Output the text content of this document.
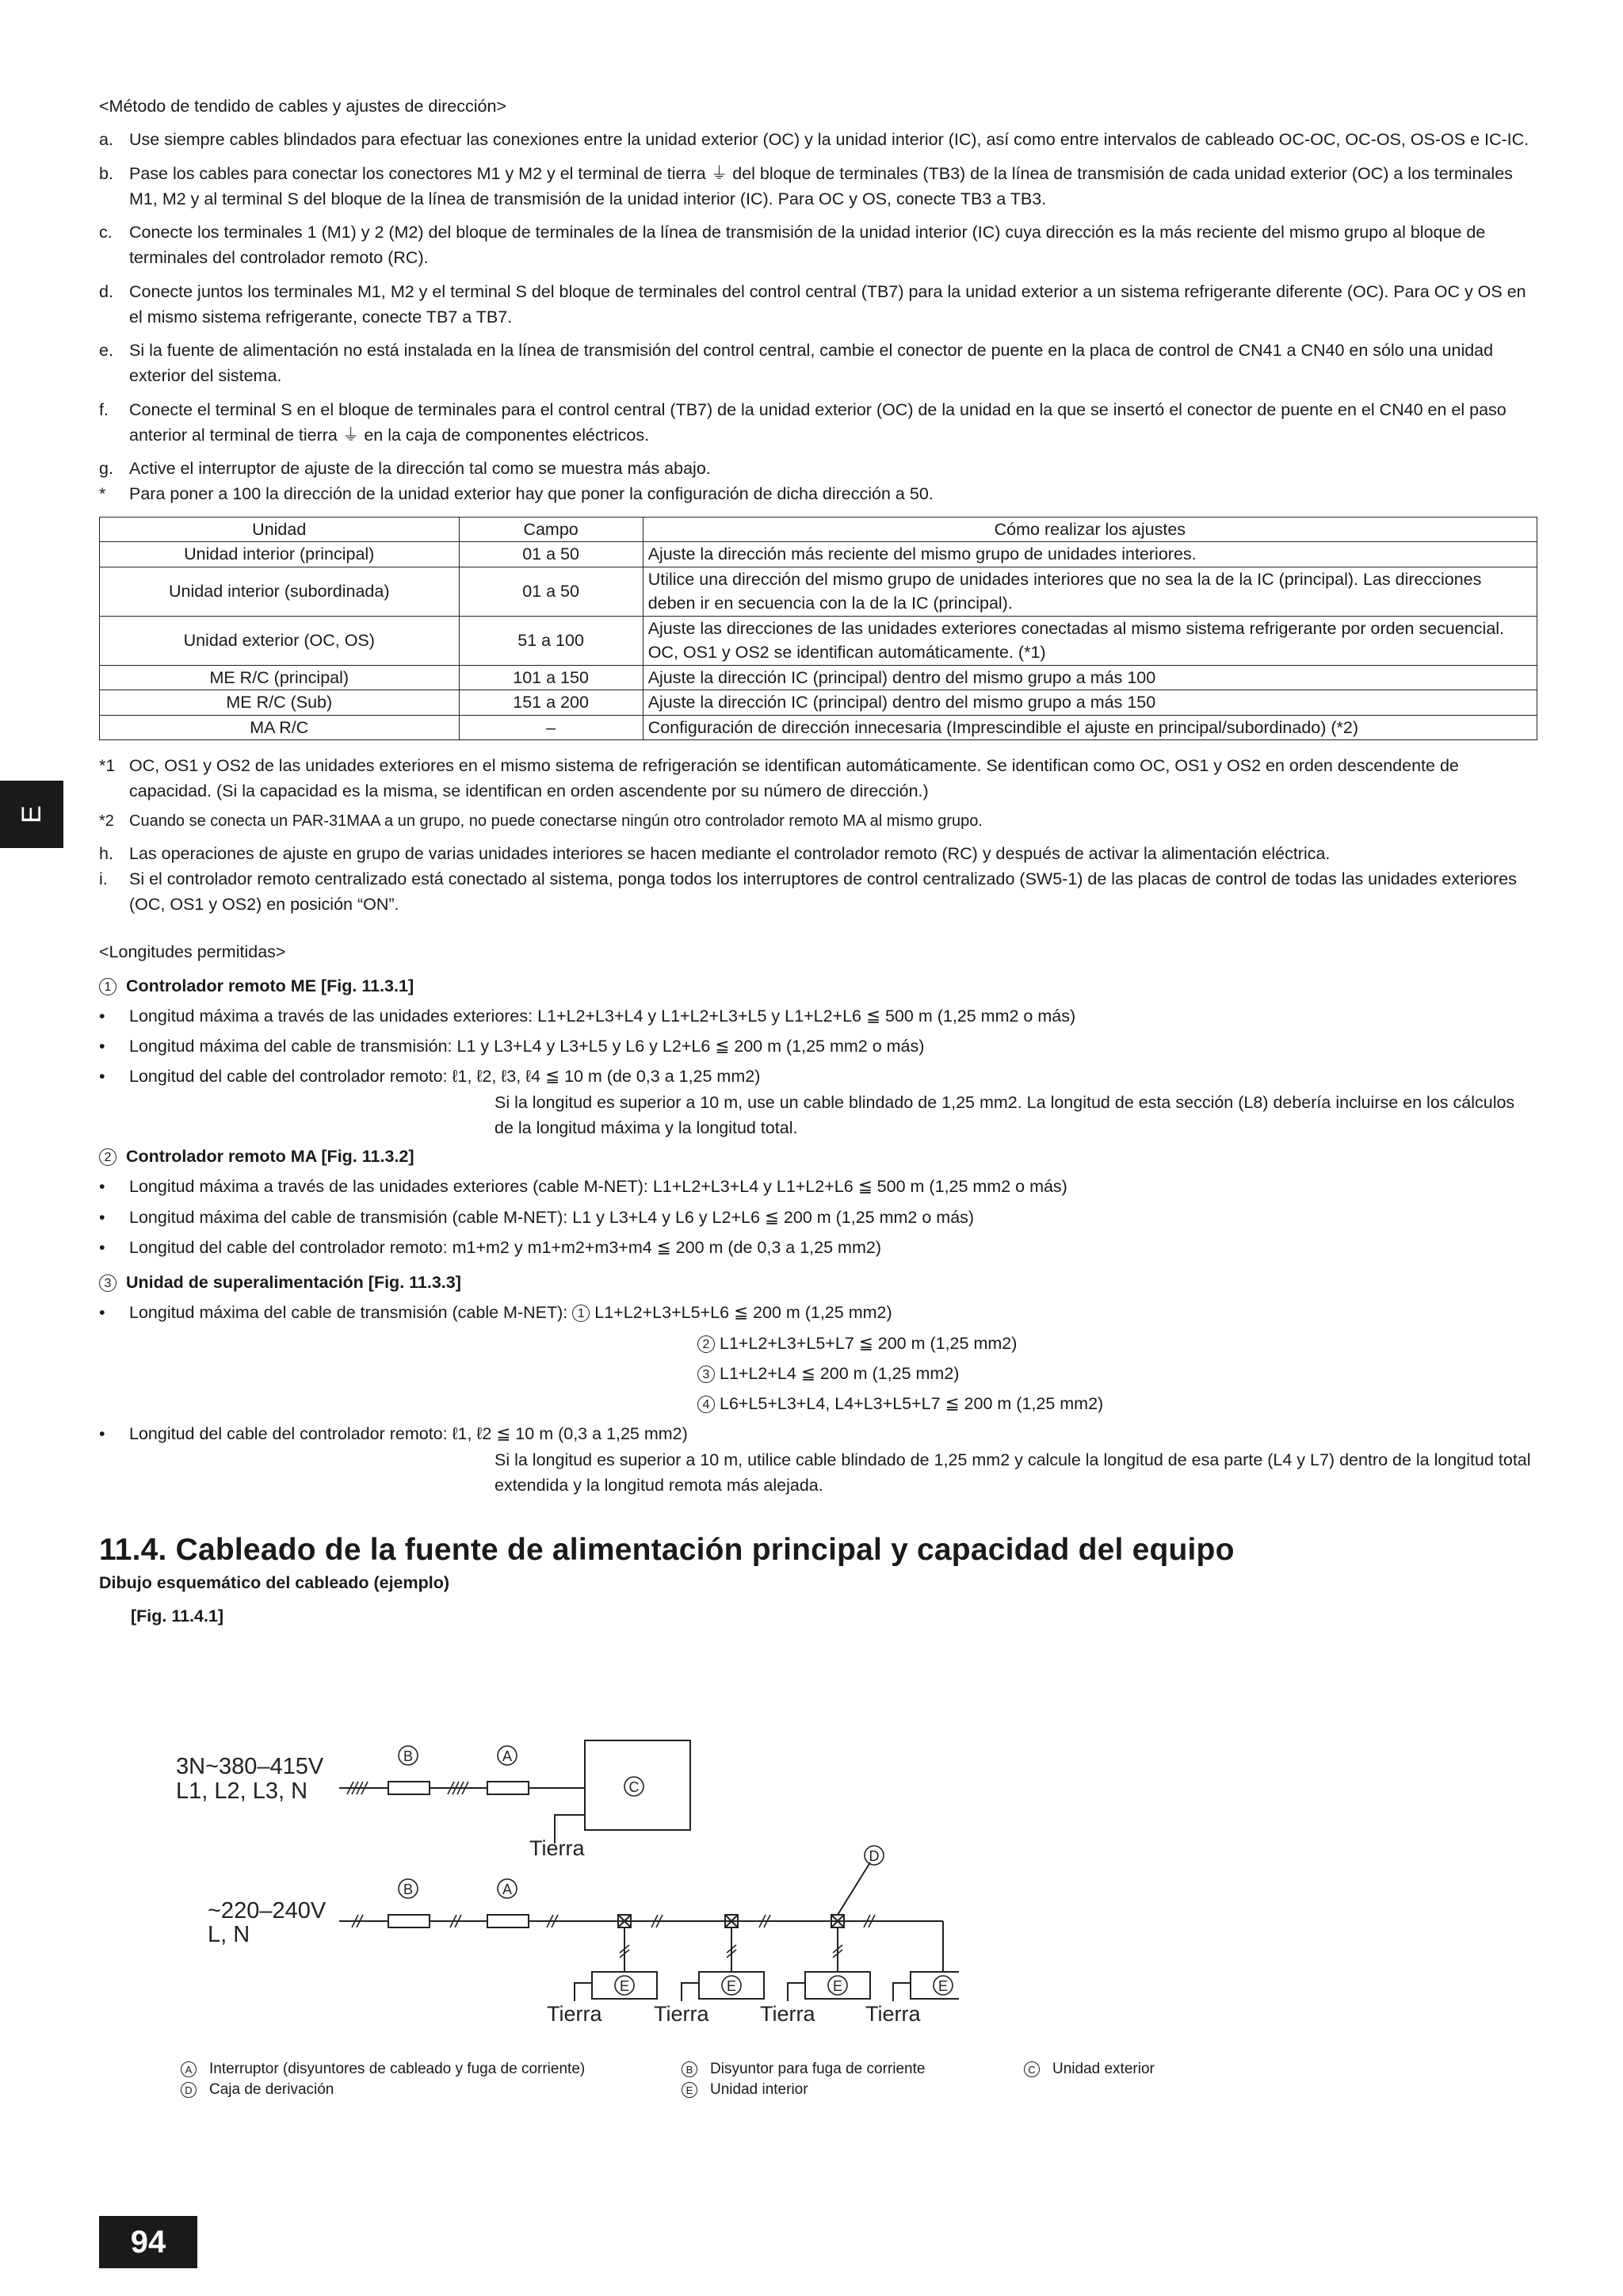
E

<Método de tendido de cables y ajustes de dirección>

a. Use siempre cables blindados para efectuar las conexiones entre la unidad exterior (OC) y la unidad interior (IC), así como entre intervalos de cableado OC-OC, OC-OS, OS-OS e IC-IC.
b. Pase los cables para conectar los conectores M1 y M2 y el terminal de tierra ⏚ del bloque de terminales (TB3) de la línea de transmisión de cada unidad exterior (OC) a los terminales M1, M2 y al terminal S del bloque de la línea de transmisión de la unidad interior (IC). Para OC y OS, conecte TB3 a TB3.
c. Conecte los terminales 1 (M1) y 2 (M2) del bloque de terminales de la línea de transmisión de la unidad interior (IC) cuya dirección es la más reciente del mismo grupo al bloque de terminales del controlador remoto (RC).
d. Conecte juntos los terminales M1, M2 y el terminal S del bloque de terminales del control central (TB7) para la unidad exterior a un sistema refrigerante diferente (OC). Para OC y OS en el mismo sistema refrigerante, conecte TB7 a TB7.
e. Si la fuente de alimentación no está instalada en la línea de transmisión del control central, cambie el conector de puente en la placa de control de CN41 a CN40 en sólo una unidad exterior del sistema.
f.	Conecte el terminal S en el bloque de terminales para el control central (TB7) de la unidad exterior (OC) de la unidad en la que se insertó el conector de puente en el CN40 en el paso anterior al terminal de tierra ⏚ en la caja de componentes eléctricos.
g. Active el interruptor de ajuste de la dirección tal como se muestra más abajo.
*	Para poner a 100 la dirección de la unidad exterior hay que poner la configuración de dicha dirección a 50.
Unidad	Campo	Cómo realizar los ajustes
Unidad interior (principal)	01 a 50	Ajuste la dirección más reciente del mismo grupo de unidades interiores.
Unidad interior (subordinada)	01 a 50	Utilice una dirección del mismo grupo de unidades interiores que no sea la de la IC (principal). Las direcciones deben ir en secuencia con la de la IC (principal).
Unidad exterior (OC, OS)	51 a 100	Ajuste las direcciones de las unidades exteriores conectadas al mismo sistema refrigerante por orden secuencial. OC, OS1 y OS2 se identifican automáticamente. (*1)
ME R/C (principal)	101 a 150	Ajuste la dirección IC (principal) dentro del mismo grupo a más 100
ME R/C (Sub)	151 a 200	Ajuste la dirección IC (principal) dentro del mismo grupo a más 150
MA R/C	–	Configuración de dirección innecesaria (Imprescindible el ajuste en principal/subordinado) (*2)
*1 OC, OS1 y OS2 de las unidades exteriores en el mismo sistema de refrigeración se identifican automáticamente. Se identifican como OC, OS1 y OS2 en orden descendente de capacidad. (Si la capacidad es la misma, se identifican en orden ascendente por su número de dirección.)
*2 Cuando se conecta un PAR-31MAA a un grupo, no puede conectarse ningún otro controlador remoto MA al mismo grupo.
h. Las operaciones de ajuste en grupo de varias unidades interiores se hacen mediante el controlador remoto (RC) y después de activar la alimentación eléctrica.
i.	Si el controlador remoto centralizado está conectado al sistema, ponga todos los interruptores de control centralizado (SW5-1) de las placas de control de todas las unidades exteriores (OC, OS1 y OS2) en posición “ON”.

<Longitudes permitidas>

1 Controlador remoto ME [Fig. 11.3.1]
•	Longitud máxima a través de las unidades exteriores: L1+L2+L3+L4 y L1+L2+L3+L5 y L1+L2+L6 ≦ 500 m (1,25 mm2 o más)
•	Longitud máxima del cable de transmisión: L1 y L3+L4 y L3+L5 y L6 y L2+L6 ≦ 200 m (1,25 mm2 o más)
•	Longitud del cable del controlador remoto: ℓ1, ℓ2, ℓ3, ℓ4 ≦ 10 m (de 0,3 a 1,25 mm2)
Si la longitud es superior a 10 m, use un cable blindado de 1,25 mm2. La longitud de esta sección (L8) debería incluirse en los cálculos de la longitud máxima y la longitud total.
2 Controlador remoto MA [Fig. 11.3.2]
•	Longitud máxima a través de las unidades exteriores (cable M-NET): L1+L2+L3+L4 y L1+L2+L6 ≦ 500 m (1,25 mm2 o más)
•	Longitud máxima del cable de transmisión (cable M-NET): L1 y L3+L4 y L6 y L2+L6 ≦ 200 m (1,25 mm2 o más)
•	Longitud del cable del controlador remoto: m1+m2 y m1+m2+m3+m4 ≦ 200 m (de 0,3 a 1,25 mm2)
3 Unidad de superalimentación [Fig. 11.3.3]
•	Longitud máxima del cable de transmisión (cable M-NET): 1 L1+L2+L3+L5+L6 ≦ 200 m (1,25 mm2)
2 L1+L2+L3+L5+L7 ≦ 200 m (1,25 mm2)
3 L1+L2+L4 ≦ 200 m (1,25 mm2)
4 L6+L5+L3+L4, L4+L3+L5+L7 ≦ 200 m (1,25 mm2)
•	Longitud del cable del controlador remoto: ℓ1, ℓ2 ≦ 10 m (0,3 a 1,25 mm2)
Si la longitud es superior a 10 m, utilice cable blindado de 1,25 mm2 y calcule la longitud de esa parte (L4 y L7) dentro de la longitud total extendida y la longitud remota más alejada.
11.4. Cableado de la fuente de alimentación principal y capacidad del equipo
Dibujo esquemático del cableado (ejemplo)
[Fig. 11.4.1]
3N~380–415V
L1, L2, L3, N
B	A
C
Tierra
~220–240V
L, N
B	A
D
E	E	E	E
Tierra Tierra Tierra Tierra
A Interruptor (disyuntores de cableado y fuga de corriente)	B Disyuntor para fuga de corriente	C Unidad exterior
D Caja de derivación	E Unidad interior
94
